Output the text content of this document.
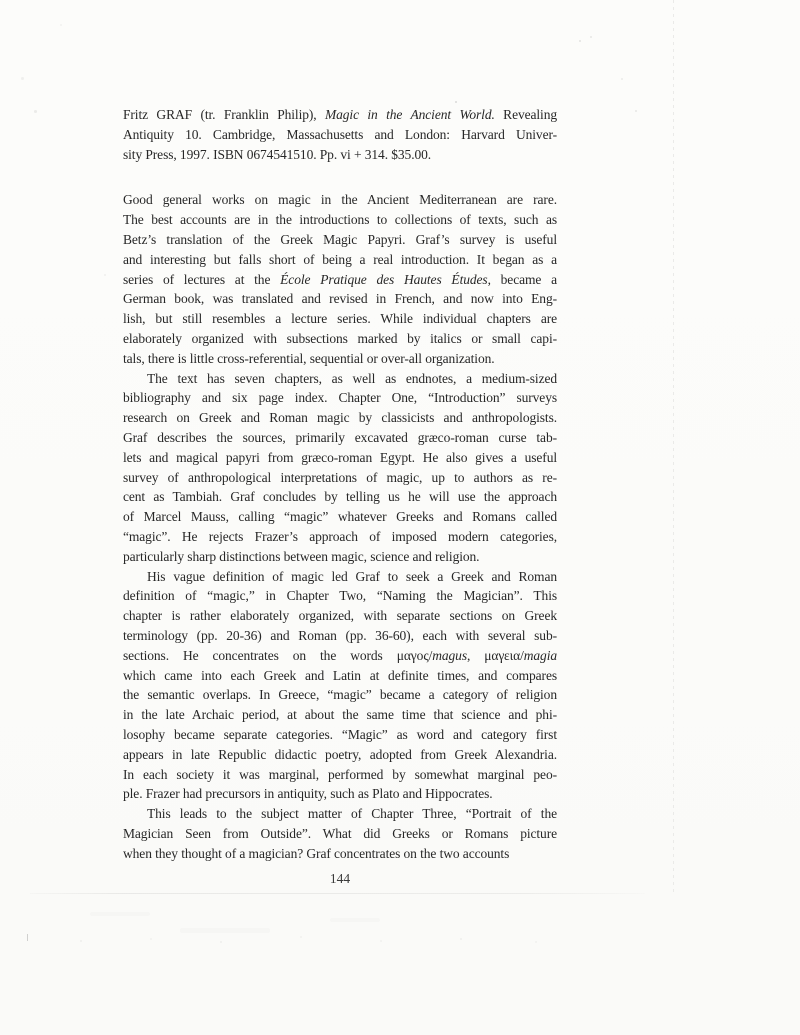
Fritz GRAF (tr. Franklin Philip), Magic in the Ancient World. Revealing
Antiquity 10. Cambridge, Massachusetts and London: Harvard Univer-
sity Press, 1997. ISBN 0674541510. Pp. vi + 314. $35.00.
Good general works on magic in the Ancient Mediterranean are rare.
The best accounts are in the introductions to collections of texts, such as
Betz’s translation of the Greek Magic Papyri. Graf’s survey is useful
and interesting but falls short of being a real introduction. It began as a
series of lectures at the École Pratique des Hautes Études, became a
German book, was translated and revised in French, and now into Eng-
lish, but still resembles a lecture series. While individual chapters are
elaborately organized with subsections marked by italics or small capi-
tals, there is little cross-referential, sequential or over-all organization.
The text has seven chapters, as well as endnotes, a medium-sized
bibliography and six page index. Chapter One, “Introduction” surveys
research on Greek and Roman magic by classicists and anthropologists.
Graf describes the sources, primarily excavated græco-roman curse tab-
lets and magical papyri from græco-roman Egypt. He also gives a useful
survey of anthropological interpretations of magic, up to authors as re-
cent as Tambiah. Graf concludes by telling us he will use the approach
of Marcel Mauss, calling “magic” whatever Greeks and Romans called
“magic”. He rejects Frazer’s approach of imposed modern categories,
particularly sharp distinctions between magic, science and religion.
His vague definition of magic led Graf to seek a Greek and Roman
definition of “magic,” in Chapter Two, “Naming the Magician”. This
chapter is rather elaborately organized, with separate sections on Greek
terminology (pp. 20-36) and Roman (pp. 36-60), each with several sub-
sections. He concentrates on the words μαγος/magus, μαγεια/magia
which came into each Greek and Latin at definite times, and compares
the semantic overlaps. In Greece, “magic” became a category of religion
in the late Archaic period, at about the same time that science and phi-
losophy became separate categories. “Magic” as word and category first
appears in late Republic didactic poetry, adopted from Greek Alexandria.
In each society it was marginal, performed by somewhat marginal peo-
ple. Frazer had precursors in antiquity, such as Plato and Hippocrates.
This leads to the subject matter of Chapter Three, “Portrait of the
Magician Seen from Outside”. What did Greeks or Romans picture
when they thought of a magician? Graf concentrates on the two accounts
144
